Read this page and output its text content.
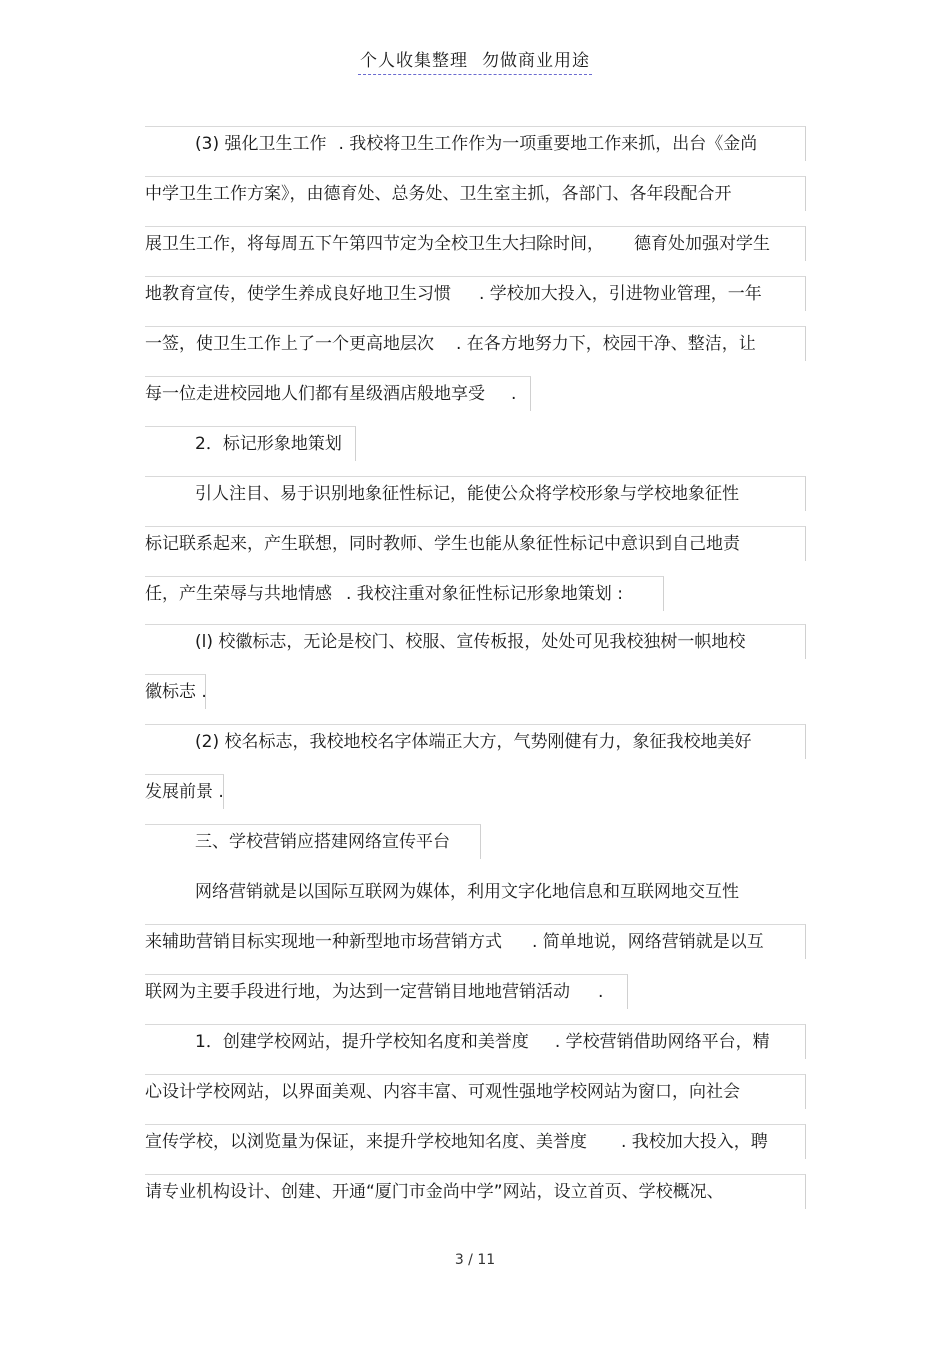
个人收集整理 勿做商业用途
(3) 强化卫生工作 . 我校将卫生工作作为一项重要地工作来抓，出台《金尚
中学卫生工作方案》，由德育处、总务处、卫生室主抓，各部门、各年段配合开
展卫生工作，将每周五下午第四节定为全校卫生大扫除时间， 德育处加强对学生
地教育宣传，使学生养成良好地卫生习惯 . 学校加大投入，引进物业管理，一年
一签，使卫生工作上了一个更高地层次 . 在各方地努力下，校园干净、整洁，让
每一位走进校园地人们都有星级酒店般地享受 .
2．标记形象地策划
引人注目、易于识别地象征性标记，能使公众将学校形象与学校地象征性
标记联系起来，产生联想，同时教师、学生也能从象征性标记中意识到自己地责
任，产生荣辱与共地情感 . 我校注重对象征性标记形象地策划 :
(l) 校徽标志，无论是校门、校服、宣传板报，处处可见我校独树一帜地校
徽标志 .
(2) 校名标志，我校地校名字体端正大方，气势刚健有力，象征我校地美好
发展前景 .
三、学校营销应搭建网络宣传平台
网络营销就是以国际互联网为媒体，利用文字化地信息和互联网地交互性
来辅助营销目标实现地一种新型地市场营销方式 . 简单地说，网络营销就是以互
联网为主要手段进行地，为达到一定营销目地地营销活动 .
1．创建学校网站，提升学校知名度和美誉度 . 学校营销借助网络平台，精
心设计学校网站，以界面美观、内容丰富、可观性强地学校网站为窗口，向社会
宣传学校，以浏览量为保证，来提升学校地知名度、美誉度 . 我校加大投入，聘
请专业机构设计、创建、开通“厦门市金尚中学”网站，设立首页、学校概况、
3 / 11
